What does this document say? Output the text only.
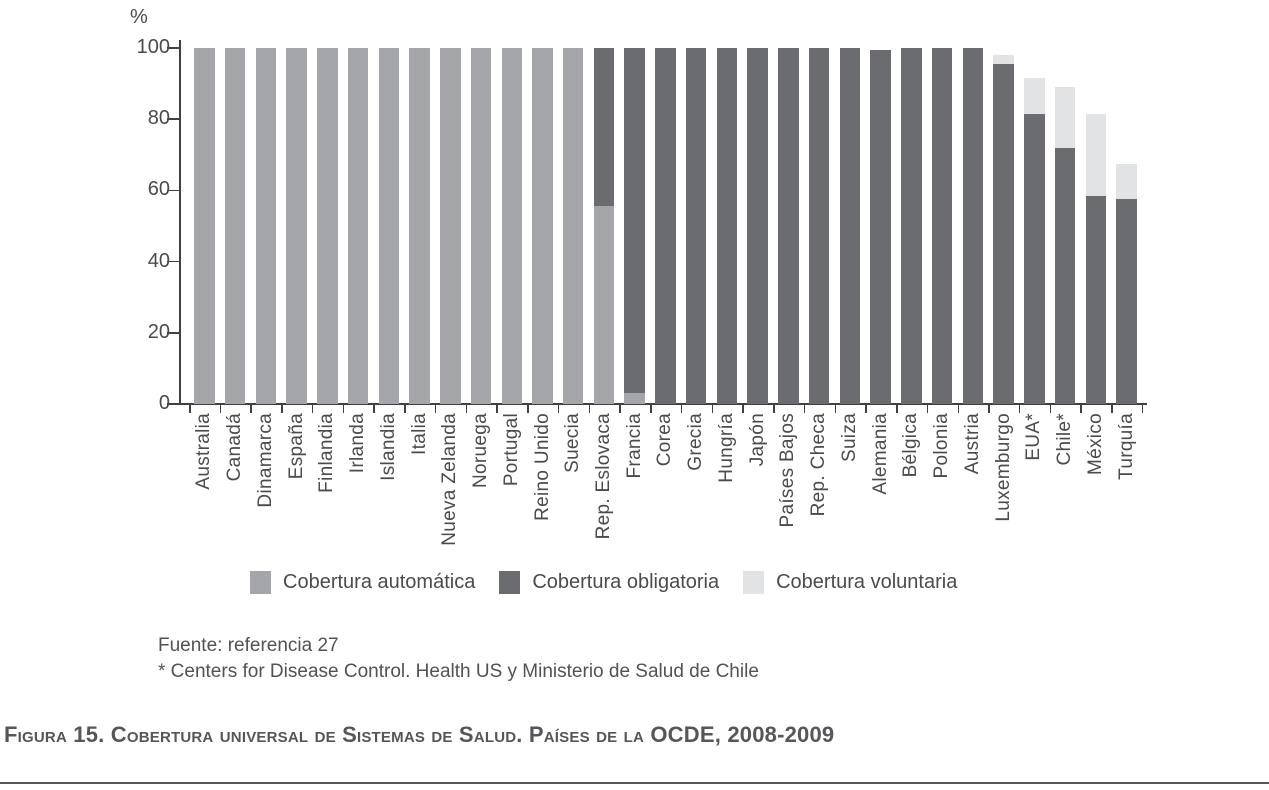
%
0
20
40
60
80
100
Australia Canadá Dinamarca España Finlandia Irlanda Islandia Italia Nueva Zelanda Noruega Portugal Reino Unido Suecia Rep. Eslovaca Francia Corea Grecia Hungría Japón Países Bajos Rep. Checa Suiza Alemania Bélgica Polonia Austria Luxemburgo EUA* Chile* México Turquía
Cobertura automática	Cobertura obligatoria	Cobertura voluntaria
Fuente: referencia 27
* Centers for Disease Control. Health US y Ministerio de Salud de Chile
Figura 15. Cobertura universal de Sistemas de Salud. Países de la OCDE, 2008-2009
